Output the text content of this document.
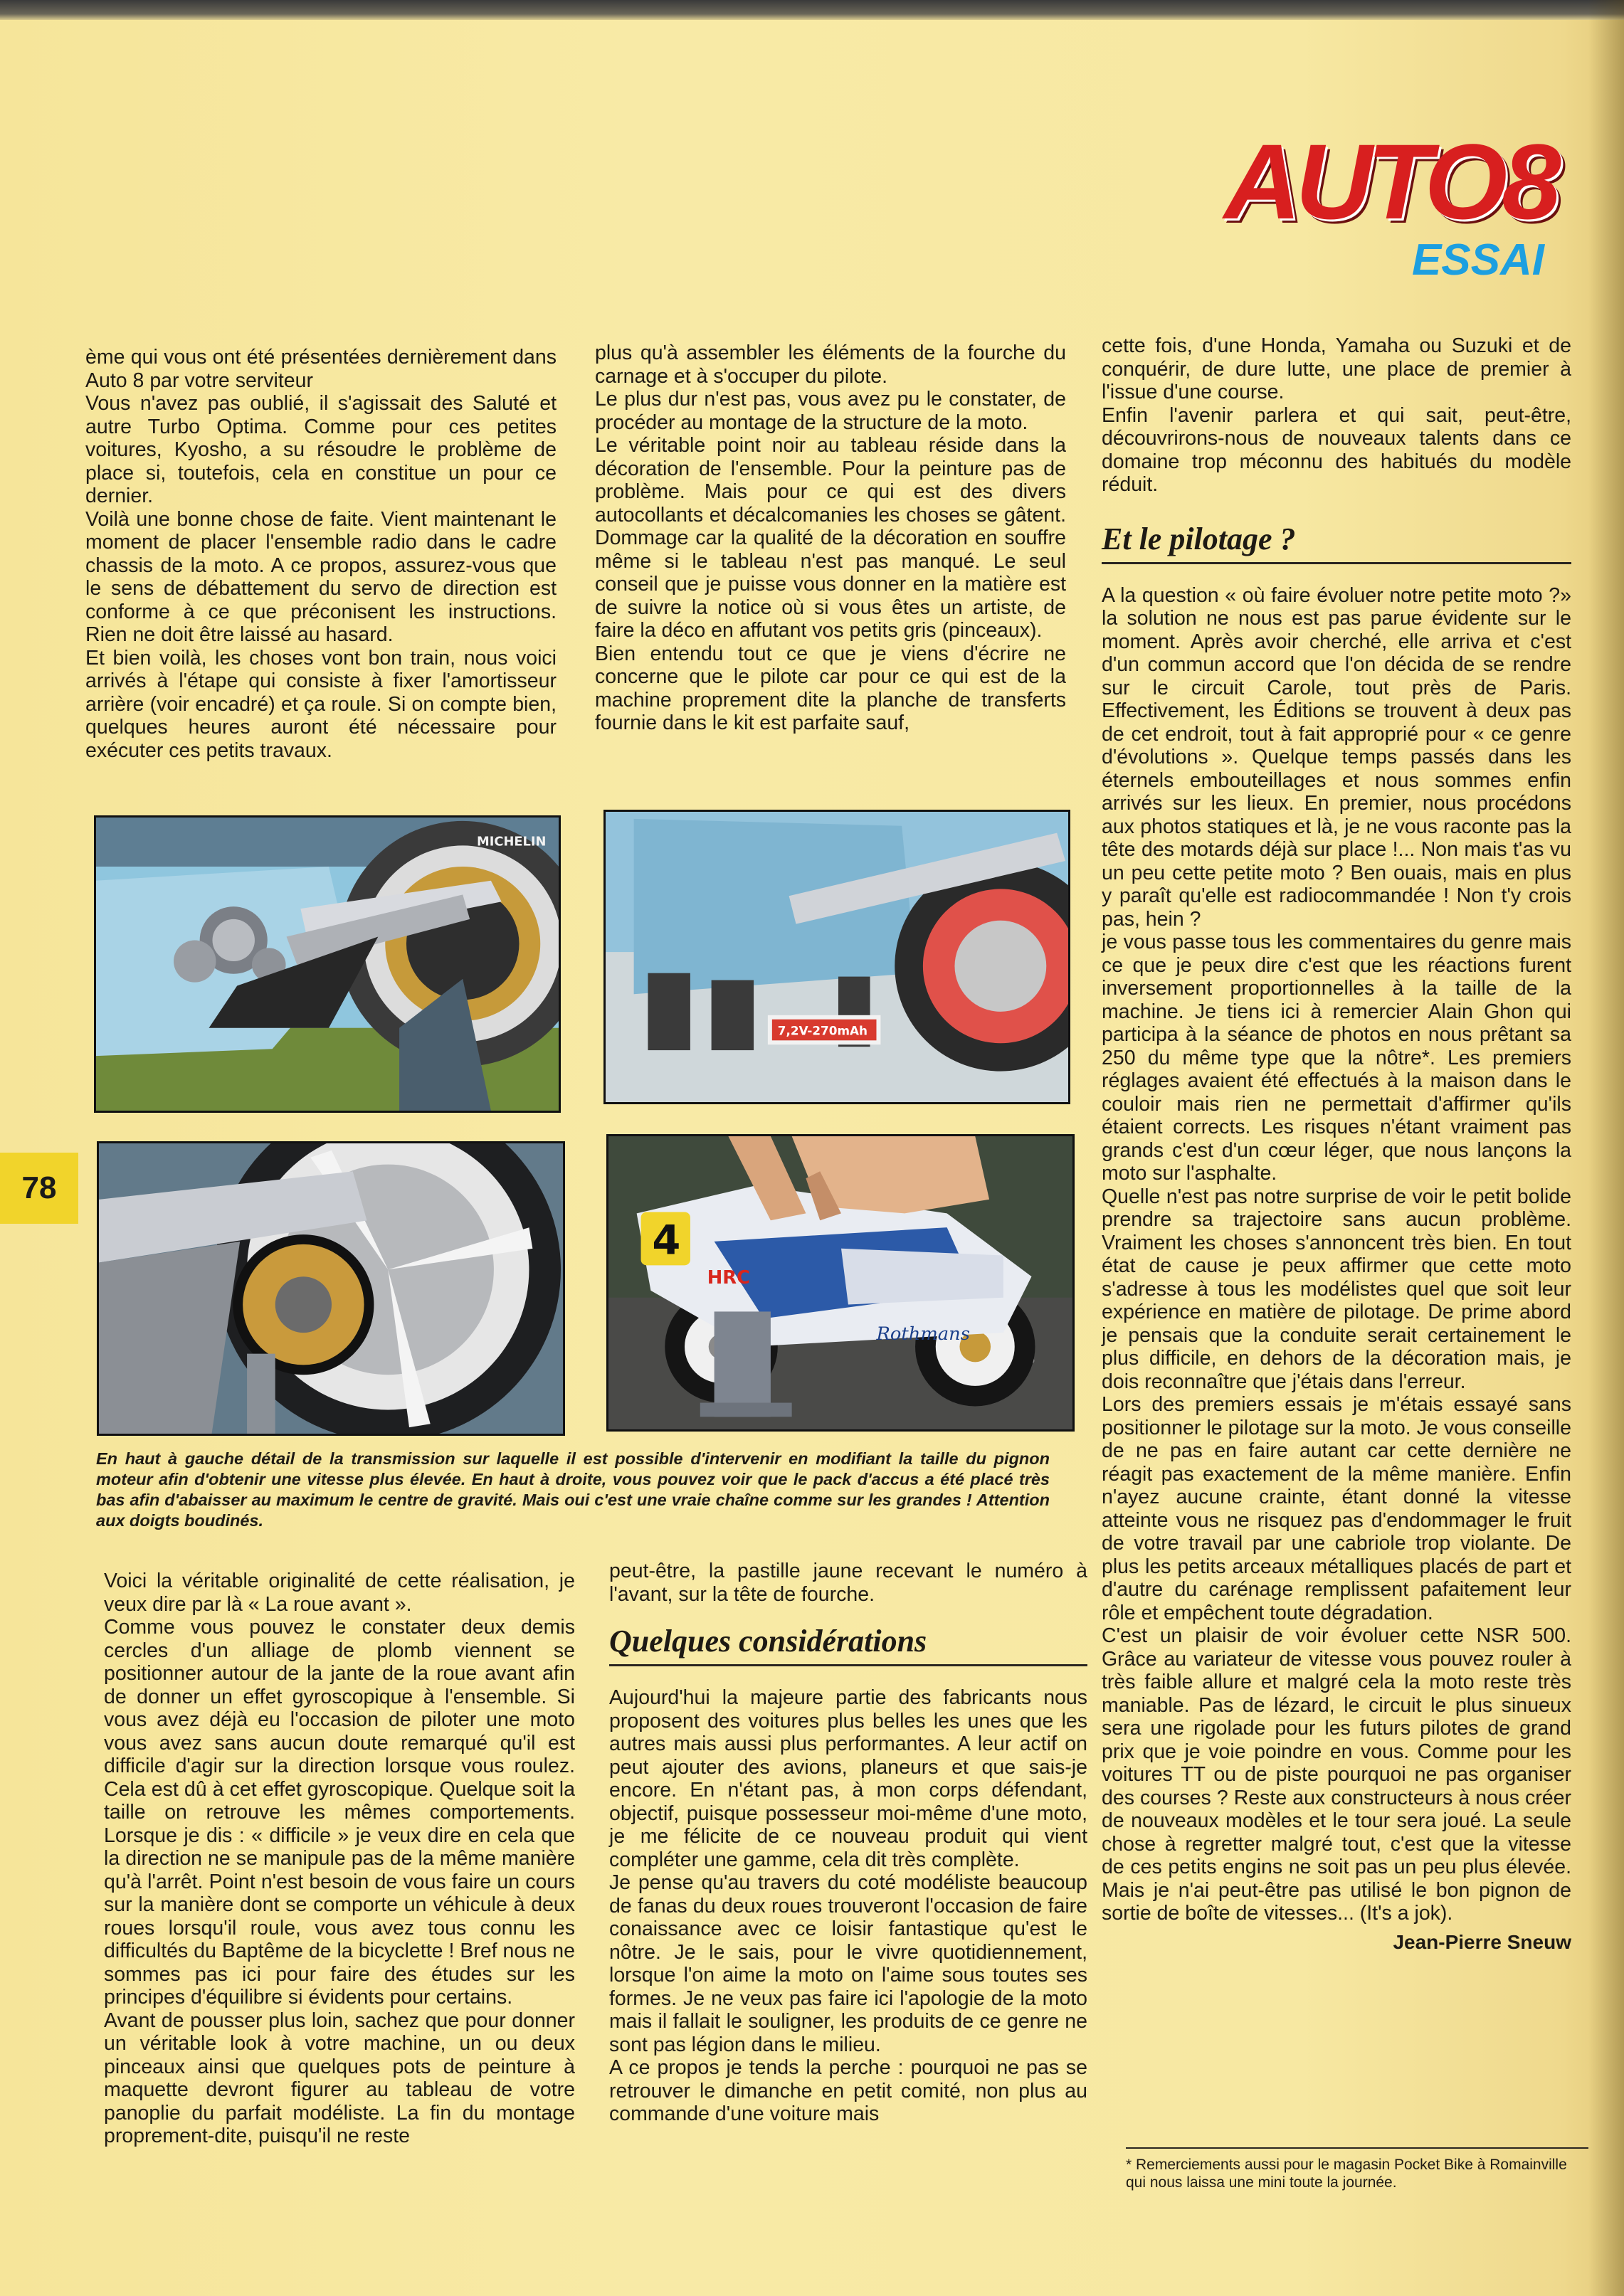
78
AUTO8
ESSAI

ème qui vous ont été présentées dernièrement dans Auto 8 par votre serviteur

Vous n'avez pas oublié, il s'agissait des Saluté et autre Turbo Optima. Comme pour ces petites voitures, Kyosho, a su résoudre le problème de place si, toutefois, cela en constitue un pour ce dernier.

Voilà une bonne chose de faite. Vient maintenant le moment de placer l'ensemble radio dans le cadre chassis de la moto. A ce propos, assurez-vous que le sens de débattement du servo de direction est conforme à ce que préconisent les instructions. Rien ne doit être laissé au hasard.

Et bien voilà, les choses vont bon train, nous voici arrivés à l'étape qui consiste à fixer l'amortisseur arrière (voir encadré) et ça roule. Si on compte bien, quelques heures auront été nécessaire pour exécuter ces petits travaux.

plus qu'à assembler les éléments de la fourche du carnage et à s'occuper du pilote.

Le plus dur n'est pas, vous avez pu le constater, de procéder au montage de la structure de la moto.

Le véritable point noir au tableau réside dans la décoration de l'ensemble. Pour la peinture pas de problème. Mais pour ce qui est des divers autocollants et décalcomanies les choses se gâtent. Dommage car la qualité de la décoration en souffre même si le tableau n'est pas manqué. Le seul conseil que je puisse vous donner en la matière est de suivre la notice où si vous êtes un artiste, de faire la déco en affutant vos petits gris (pinceaux).

Bien entendu tout ce que je viens d'écrire ne concerne que le pilote car pour ce qui est de la machine proprement dite la planche de transferts fournie dans le kit est parfaite sauf,

cette fois, d'une Honda, Yamaha ou Suzuki et de conquérir, de dure lutte, une place de premier à l'issue d'une course.

Enfin l'avenir parlera et qui sait, peut-être, découvrirons-nous de nouveaux talents dans ce domaine trop méconnu des habitués du modèle réduit.

Et le pilotage ?

A la question « où faire évoluer notre petite moto ?» la solution ne nous est pas parue évidente sur le moment. Après avoir cherché, elle arriva et c'est d'un commun accord que l'on décida de se rendre sur le circuit Carole, tout près de Paris. Effectivement, les Éditions se trouvent à deux pas de cet endroit, tout à fait approprié pour « ce genre d'évolutions ». Quelque temps passés dans les éternels embouteillages et nous sommes enfin arrivés sur les lieux. En premier, nous procédons aux photos statiques et là, je ne vous raconte pas la tête des motards déjà sur place !... Non mais t'as vu un peu cette petite moto ? Ben ouais, mais en plus y paraît qu'elle est radiocommandée ! Non t'y crois pas, hein ?

je vous passe tous les commentaires du genre mais ce que je peux dire c'est que les réactions furent inversement proportionnelles à la taille de la machine. Je tiens ici à remercier Alain Ghon qui participa à la séance de photos en nous prêtant sa 250 du même type que la nôtre*. Les premiers réglages avaient été effectués à la maison dans le couloir mais rien ne permettait d'affirmer qu'ils étaient corrects. Les risques n'étant vraiment pas grands c'est d'un cœur léger, que nous lançons la moto sur l'asphalte.

Quelle n'est pas notre surprise de voir le petit bolide prendre sa trajectoire sans aucun problème. Vraiment les choses s'annoncent très bien. En tout état de cause je peux affirmer que cette moto s'adresse à tous les modélistes quel que soit leur expérience en matière de pilotage. De prime abord je pensais que la conduite serait certainement le plus difficile, en dehors de la décoration mais, je dois reconnaître que j'étais dans l'erreur.

Lors des premiers essais je m'étais essayé sans positionner le pilotage sur la moto. Je vous conseille de ne pas en faire autant car cette dernière ne réagit pas exactement de la même manière. Enfin n'ayez aucune crainte, étant donné la vitesse atteinte vous ne risquez pas d'endommager le fruit de votre travail par une cabriole trop violante. De plus les petits arceaux métalliques placés de part et d'autre du carénage remplissent pafaitement leur rôle et empêchent toute dégradation.

C'est un plaisir de voir évoluer cette NSR 500. Grâce au variateur de vitesse vous pouvez rouler à très faible allure et malgré cela la moto reste très maniable. Pas de lézard, le circuit le plus sinueux sera une rigolade pour les futurs pilotes de grand prix que je voie poindre en vous. Comme pour les voitures TT ou de piste pourquoi ne pas organiser des courses ? Reste aux constructeurs à nous créer de nouveaux modèles et le tour sera joué. La seule chose à regretter malgré tout, c'est que la vitesse de ces petits engins ne soit pas un peu plus élevée. Mais je n'ai peut-être pas utilisé le bon pignon de sortie de boîte de vitesses... (It's a jok).

Jean-Pierre Sneuw
* Remerciements aussi pour le magasin Pocket Bike à Romainville qui nous laissa une mini toute la journée.
MICHELIN
7,2V-270mAh
4
HRC
Rothmans
En haut à gauche détail de la transmission sur laquelle il est possible d'intervenir en modifiant la taille du pignon moteur afin d'obtenir une vitesse plus élevée. En haut à droite, vous pouvez voir que le pack d'accus a été placé très bas afin d'abaisser au maximum le centre de gravité. Mais oui c'est une vraie chaîne comme sur les grandes ! Attention aux doigts boudinés.

Voici la véritable originalité de cette réalisation, je veux dire par là « La roue avant ».

Comme vous pouvez le constater deux demis cercles d'un alliage de plomb viennent se positionner autour de la jante de la roue avant afin de donner un effet gyroscopique à l'ensemble. Si vous avez déjà eu l'occasion de piloter une moto vous avez sans aucun doute remarqué qu'il est difficile d'agir sur la direction lorsque vous roulez. Cela est dû à cet effet gyroscopique. Quelque soit la taille on retrouve les mêmes comportements. Lorsque je dis : « difficile » je veux dire en cela que la direction ne se manipule pas de la même manière qu'à l'arrêt. Point n'est besoin de vous faire un cours sur la manière dont se comporte un véhicule à deux roues lorsqu'il roule, vous avez tous connu les difficultés du Baptême de la bicyclette ! Bref nous ne sommes pas ici pour faire des études sur les principes d'équilibre si évidents pour certains.

Avant de pousser plus loin, sachez que pour donner un véritable look à votre machine, un ou deux pinceaux ainsi que quelques pots de peinture à maquette devront figurer au tableau de votre panoplie du parfait modéliste. La fin du montage proprement-dite, puisqu'il ne reste

peut-être, la pastille jaune recevant le numéro à l'avant, sur la tête de fourche.

Quelques considérations

Aujourd'hui la majeure partie des fabricants nous proposent des voitures plus belles les unes que les autres mais aussi plus performantes. A leur actif on peut ajouter des avions, planeurs et que sais-je encore. En n'étant pas, à mon corps défendant, objectif, puisque possesseur moi-même d'une moto, je me félicite de ce nouveau produit qui vient compléter une gamme, cela dit très complète.

Je pense qu'au travers du coté modéliste beaucoup de fanas du deux roues trouveront l'occasion de faire conaissance avec ce loisir fantastique qu'est le nôtre. Je le sais, pour le vivre quotidiennement, lorsque l'on aime la moto on l'aime sous toutes ses formes. Je ne veux pas faire ici l'apologie de la moto mais il fallait le souligner, les produits de ce genre ne sont pas légion dans le milieu.

A ce propos je tends la perche : pourquoi ne pas se retrouver le dimanche en petit comité, non plus au commande d'une voiture mais
